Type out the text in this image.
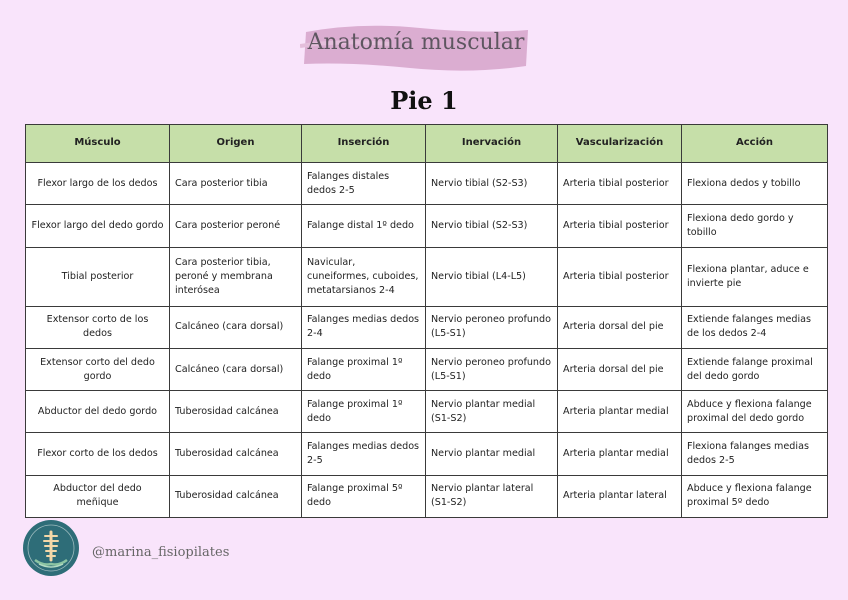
Anatomía muscular
Pie 1
Músculo	Origen	Inserción	Inervación	Vascularización	Acción
Flexor largo de los dedos	Cara posterior tibia	Falanges distales dedos 2-5	Nervio tibial (S2-S3)	Arteria tibial posterior	Flexiona dedos y tobillo
Flexor largo del dedo gordo	Cara posterior peroné	Falange distal 1º dedo	Nervio tibial (S2-S3)	Arteria tibial posterior	Flexiona dedo gordo y tobillo
Tibial posterior	Cara posterior tibia, peroné y membrana interósea	Navicular, cuneiformes, cuboides, metatarsianos 2-4	Nervio tibial (L4-L5)	Arteria tibial posterior	Flexiona plantar, aduce e invierte pie
Extensor corto de los dedos	Calcáneo (cara dorsal)	Falanges medias dedos 2-4	Nervio peroneo profundo (L5-S1)	Arteria dorsal del pie	Extiende falanges medias de los dedos 2-4
Extensor corto del dedo gordo	Calcáneo (cara dorsal)	Falange proximal 1º dedo	Nervio peroneo profundo (L5-S1)	Arteria dorsal del pie	Extiende falange proximal del dedo gordo
Abductor del dedo gordo	Tuberosidad calcánea	Falange proximal 1º dedo	Nervio plantar medial (S1-S2)	Arteria plantar medial	Abduce y flexiona falange proximal del dedo gordo
Flexor corto de los dedos	Tuberosidad calcánea	Falanges medias dedos 2-5	Nervio plantar medial	Arteria plantar medial	Flexiona falanges medias dedos 2-5
Abductor del dedo meñique	Tuberosidad calcánea	Falange proximal 5º dedo	Nervio plantar lateral (S1-S2)	Arteria plantar lateral	Abduce y flexiona falange proximal 5º dedo
@marina_fisiopilates
